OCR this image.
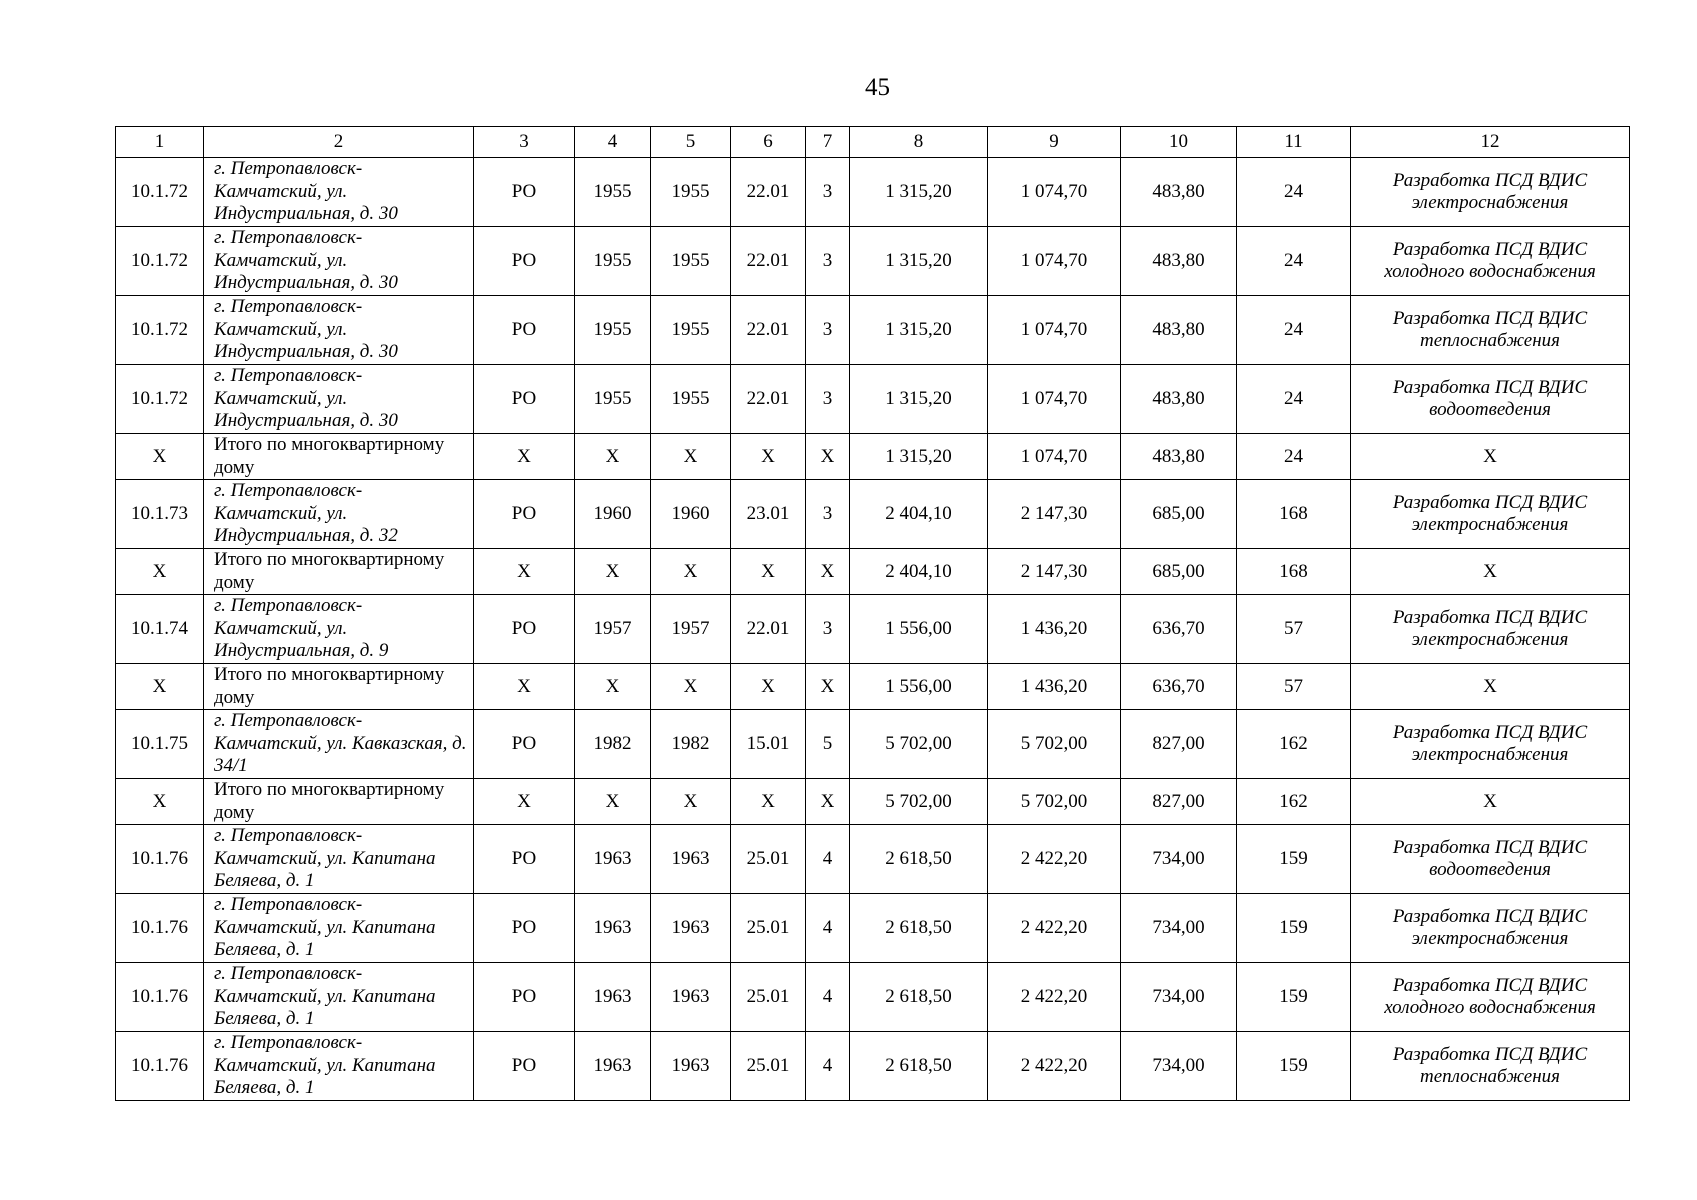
45
1	2	3	4	5	6	7	8	9	10	11	12
10.1.72	г. Петропавловск-Камчатский, ул. Индустриальная, д. 30	РО	1955	1955	22.01	3	1 315,20	1 074,70	483,80	24	Разработка ПСД ВДИС электроснабжения
10.1.72	г. Петропавловск-Камчатский, ул. Индустриальная, д. 30	РО	1955	1955	22.01	3	1 315,20	1 074,70	483,80	24	Разработка ПСД ВДИС холодного водоснабжения
10.1.72	г. Петропавловск-Камчатский, ул. Индустриальная, д. 30	РО	1955	1955	22.01	3	1 315,20	1 074,70	483,80	24	Разработка ПСД ВДИС теплоснабжения
10.1.72	г. Петропавловск-Камчатский, ул. Индустриальная, д. 30	РО	1955	1955	22.01	3	1 315,20	1 074,70	483,80	24	Разработка ПСД ВДИС водоотведения
X	Итого по многоквартирному дому	X	X	X	X	X	1 315,20	1 074,70	483,80	24	X
10.1.73	г. Петропавловск-Камчатский, ул. Индустриальная, д. 32	РО	1960	1960	23.01	3	2 404,10	2 147,30	685,00	168	Разработка ПСД ВДИС электроснабжения
X	Итого по многоквартирному дому	X	X	X	X	X	2 404,10	2 147,30	685,00	168	X
10.1.74	г. Петропавловск-Камчатский, ул. Индустриальная, д. 9	РО	1957	1957	22.01	3	1 556,00	1 436,20	636,70	57	Разработка ПСД ВДИС электроснабжения
X	Итого по многоквартирному дому	X	X	X	X	X	1 556,00	1 436,20	636,70	57	X
10.1.75	г. Петропавловск-Камчатский, ул. Кавказская, д. 34/1	РО	1982	1982	15.01	5	5 702,00	5 702,00	827,00	162	Разработка ПСД ВДИС электроснабжения
X	Итого по многоквартирному дому	X	X	X	X	X	5 702,00	5 702,00	827,00	162	X
10.1.76	г. Петропавловск-Камчатский, ул. Капитана Беляева, д. 1	РО	1963	1963	25.01	4	2 618,50	2 422,20	734,00	159	Разработка ПСД ВДИС водоотведения
10.1.76	г. Петропавловск-Камчатский, ул. Капитана Беляева, д. 1	РО	1963	1963	25.01	4	2 618,50	2 422,20	734,00	159	Разработка ПСД ВДИС электроснабжения
10.1.76	г. Петропавловск-Камчатский, ул. Капитана Беляева, д. 1	РО	1963	1963	25.01	4	2 618,50	2 422,20	734,00	159	Разработка ПСД ВДИС холодного водоснабжения
10.1.76	г. Петропавловск-Камчатский, ул. Капитана Беляева, д. 1	РО	1963	1963	25.01	4	2 618,50	2 422,20	734,00	159	Разработка ПСД ВДИС теплоснабжения
